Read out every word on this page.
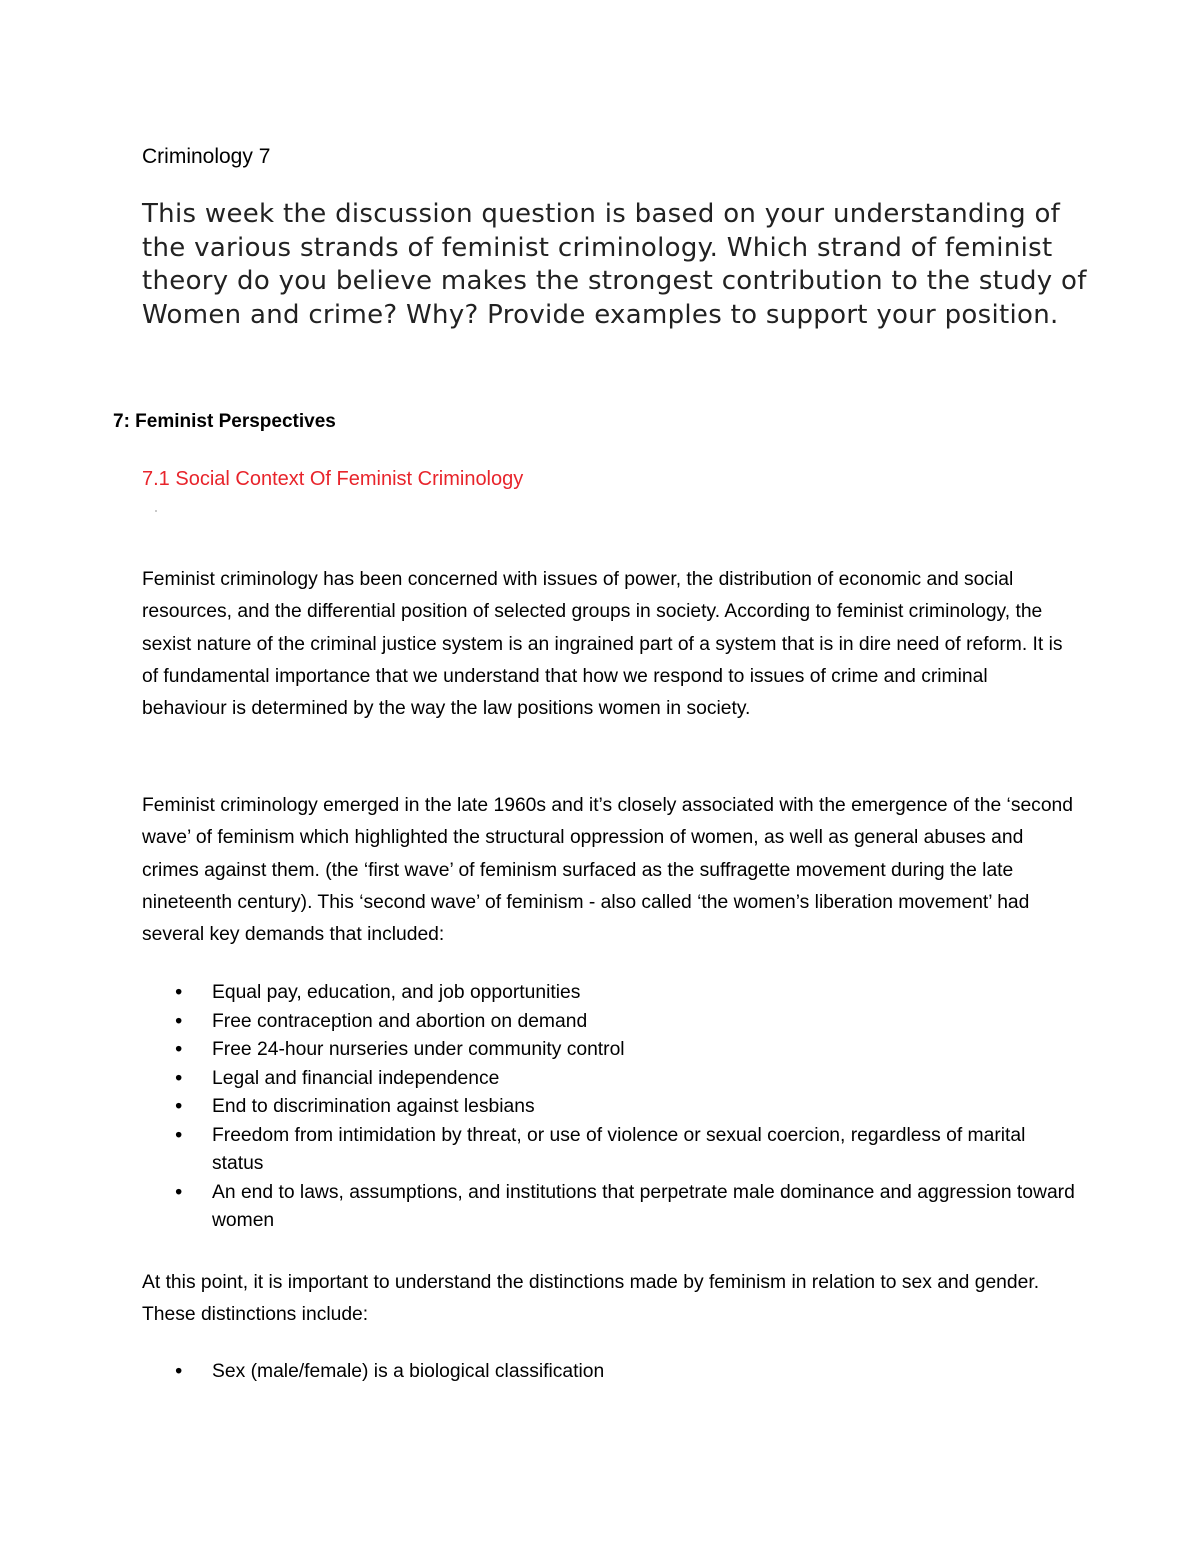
Criminology 7

This week the discussion question is based on your understanding of the various strands of feminist criminology. Which strand of feminist theory do you believe makes the strongest contribution to the study of Women and crime? Why? Provide examples to support your position.

7: Feminist Perspectives
7.1 Social Context Of Feminist Criminology

Feminist criminology has been concerned with issues of power, the distribution of economic and social resources, and the differential position of selected groups in society. According to feminist criminology, the sexist nature of the criminal justice system is an ingrained part of a system that is in dire need of reform. It is of fundamental importance that we understand that how we respond to issues of crime and criminal behaviour is determined by the way the law positions women in society.

Feminist criminology emerged in the late 1960s and it’s closely associated with the emergence of the ‘second wave’ of feminism which highlighted the structural oppression of women, as well as general abuses and crimes against them. (the ‘first wave’ of feminism surfaced as the suffragette movement during the late nineteenth century). This ‘second wave’ of feminism - also called ‘the women’s liberation movement’ had several key demands that included:

• Equal pay, education, and job opportunities
• Free contraception and abortion on demand
• Free 24-hour nurseries under community control
• Legal and financial independence
• End to discrimination against lesbians
• Freedom from intimidation by threat, or use of violence or sexual coercion, regardless of marital status
• An end to laws, assumptions, and institutions that perpetrate male dominance and aggression toward women

At this point, it is important to understand the distinctions made by feminism in relation to sex and gender. These distinctions include:

• Sex (male/female) is a biological classification
